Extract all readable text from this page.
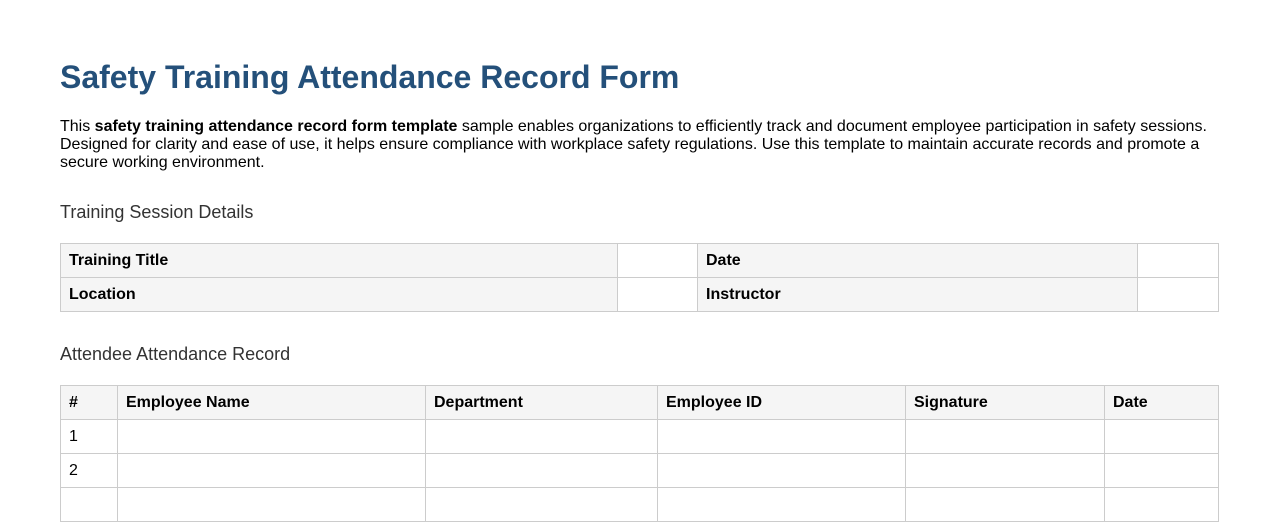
Safety Training Attendance Record Form

This safety training attendance record form template sample enables organizations to efficiently track and document employee participation in safety sessions. Designed for clarity and ease of use, it helps ensure compliance with workplace safety regulations. Use this template to maintain accurate records and promote a secure working environment.

Training Session Details
Training Title		Date	
Location		Instructor	
Attendee Attendance Record
#	Employee Name	Department	Employee ID	Signature	Date
1					
2					
